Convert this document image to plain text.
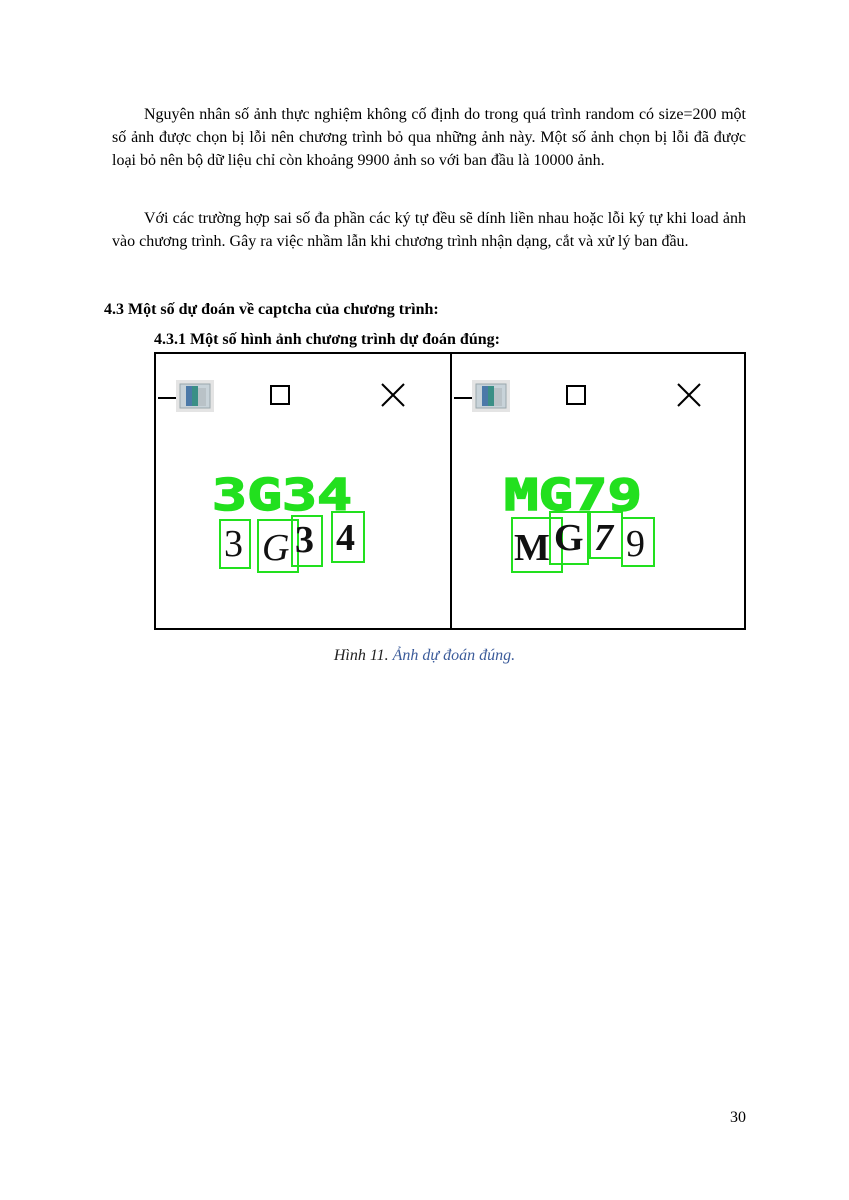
Nguyên nhân số ảnh thực nghiệm không cố định do trong quá trình random có size=200 một số ảnh được chọn bị lỗi nên chương trình bỏ qua những ảnh này. Một số ảnh chọn bị lỗi đã được loại bỏ nên bộ dữ liệu chỉ còn khoảng 9900 ảnh so với ban đầu là 10000 ảnh.

Với các trường hợp sai số đa phần các ký tự đều sẽ dính liền nhau hoặc lỗi ký tự khi load ảnh vào chương trình. Gây ra việc nhầm lẫn khi chương trình nhận dạng, cắt và xử lý ban đầu.

4.3 Một số dự đoán về captcha của chương trình:

4.3.1 Một số hình ảnh chương trình dự đoán đúng:

3G34
3 G 3 4
MG79
M G 7 9

Hình 11. Ảnh dự đoán đúng.

30
